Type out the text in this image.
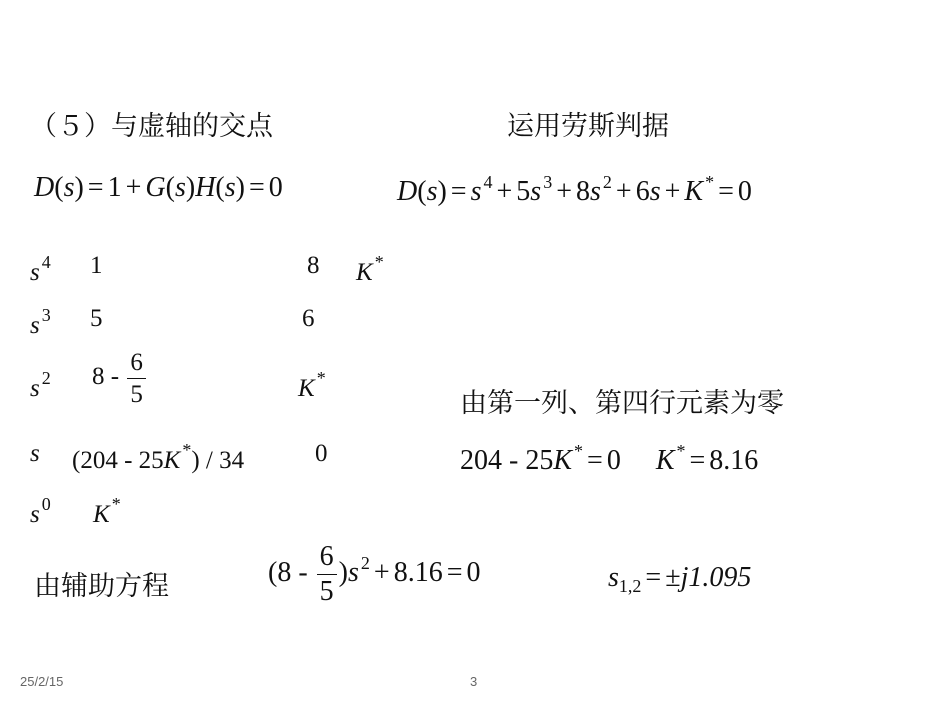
（５）与虚轴的交点	运用劳斯判据
D(s) = 1 + G(s)H(s) = 0	D(s) = s $^4$ + 5s $^3$ + 8s $^2$ + 6s + K * = 0
s $^4$ 1	8 K *
s $^3$ 5	6
s $^2$ $8 - \frac{6}{5}$	K *
s (204 - 25K *) / 34	0
s $^0$ K *
由第一列、第四行元素为零
204 - 25K * = 0 K * = 8.16
由辅助方程	$(8 - \frac{6}{5} )s$ $^2$ + 8.16 = 0	$s_{1,2} = \pm j1.095$
25/2/15	3
